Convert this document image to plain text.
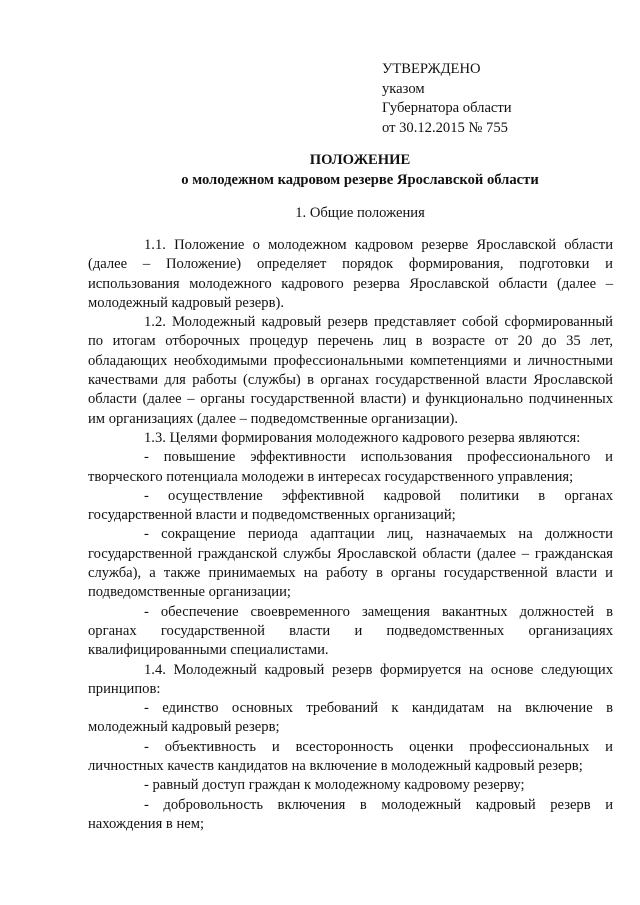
УТВЕРЖДЕНО
указом
Губернатора области
от 30.12.2015 № 755
ПОЛОЖЕНИЕ
о молодежном кадровом резерве Ярославской области
1. Общие положения

1.1. Положение о молодежном кадровом резерве Ярославской области (далее – Положение) определяет порядок формирования, подготовки и использования молодежного кадрового резерва Ярославской области (далее – молодежный кадровый резерв).

1.2. Молодежный кадровый резерв представляет собой сформированный по итогам отборочных процедур перечень лиц в возрасте от 20 до 35 лет, обладающих необходимыми профессиональными компетенциями и личностными качествами для работы (службы) в органах государственной власти Ярославской области (далее – органы государственной власти) и функционально подчиненных им организациях (далее – подведомственные организации).

1.3. Целями формирования молодежного кадрового резерва являются:

- повышение эффективности использования профессионального и творческого потенциала молодежи в интересах государственного управления;

- осуществление эффективной кадровой политики в органах государственной власти и подведомственных организаций;

- сокращение периода адаптации лиц, назначаемых на должности государственной гражданской службы Ярославской области (далее – гражданская служба), а также принимаемых на работу в органы государственной власти и подведомственные организации;

- обеспечение своевременного замещения вакантных должностей в органах государственной власти и подведомственных организациях квалифицированными специалистами.

1.4. Молодежный кадровый резерв формируется на основе следующих принципов:

- единство основных требований к кандидатам на включение в молодежный кадровый резерв;

- объективность и всесторонность оценки профессиональных и личностных качеств кандидатов на включение в молодежный кадровый резерв;

- равный доступ граждан к молодежному кадровому резерву;

- добровольность включения в молодежный кадровый резерв и нахождения в нем;
